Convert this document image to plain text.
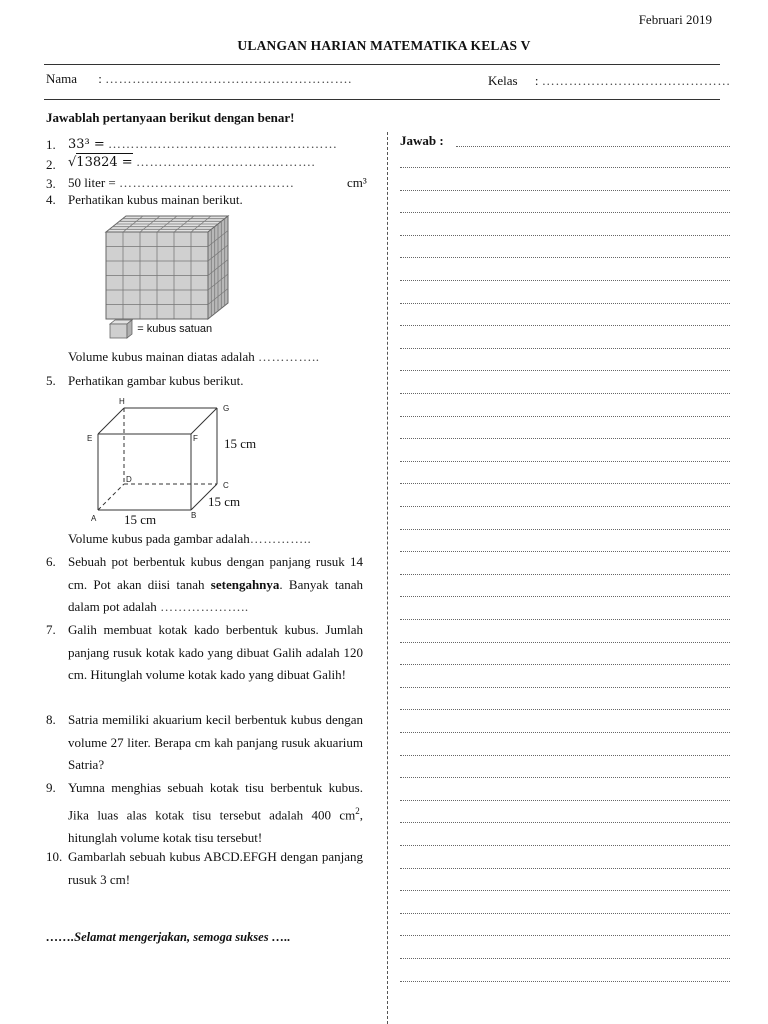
Februari 2019
ULANGAN HARIAN MATEMATIKA KELAS V
Nama : ……………………………………………….	Kelas : ……………………………………
Jawablah pertanyaan berikut dengan benar!
1. 33³ = ……………………………………………
2. √13824 = ………………………………….
3. 50 liter = …………………………………	cm³
4. Perhatikan kubus mainan berikut.
= kubus satuan
Volume kubus mainan diatas adalah …………..
5. Perhatikan gambar kubus berikut.
H
G
E	F
D
C
A	B
15 cm
15 cm
15 cm
Volume kubus pada gambar adalah…………..
6. Sebuah pot berbentuk kubus dengan panjang rusuk 14 cm. Pot akan diisi tanah setengahnya. Banyak tanah dalam pot adalah ………………..
7. Galih membuat kotak kado berbentuk kubus. Jumlah panjang rusuk kotak kado yang dibuat Galih adalah 120 cm. Hitunglah volume kotak kado yang dibuat Galih!
8. Satria memiliki akuarium kecil berbentuk kubus dengan volume 27 liter. Berapa cm kah panjang rusuk akuarium Satria?
9. Yumna menghias sebuah kotak tisu berbentuk kubus. Jika luas alas kotak tisu tersebut adalah 400 $cm^2$, hitunglah volume kotak tisu tersebut!
10. Gambarlah sebuah kubus ABCD.EFGH dengan panjang rusuk 3 cm!
…….Selamat mengerjakan, semoga sukses …..
Jawab :
